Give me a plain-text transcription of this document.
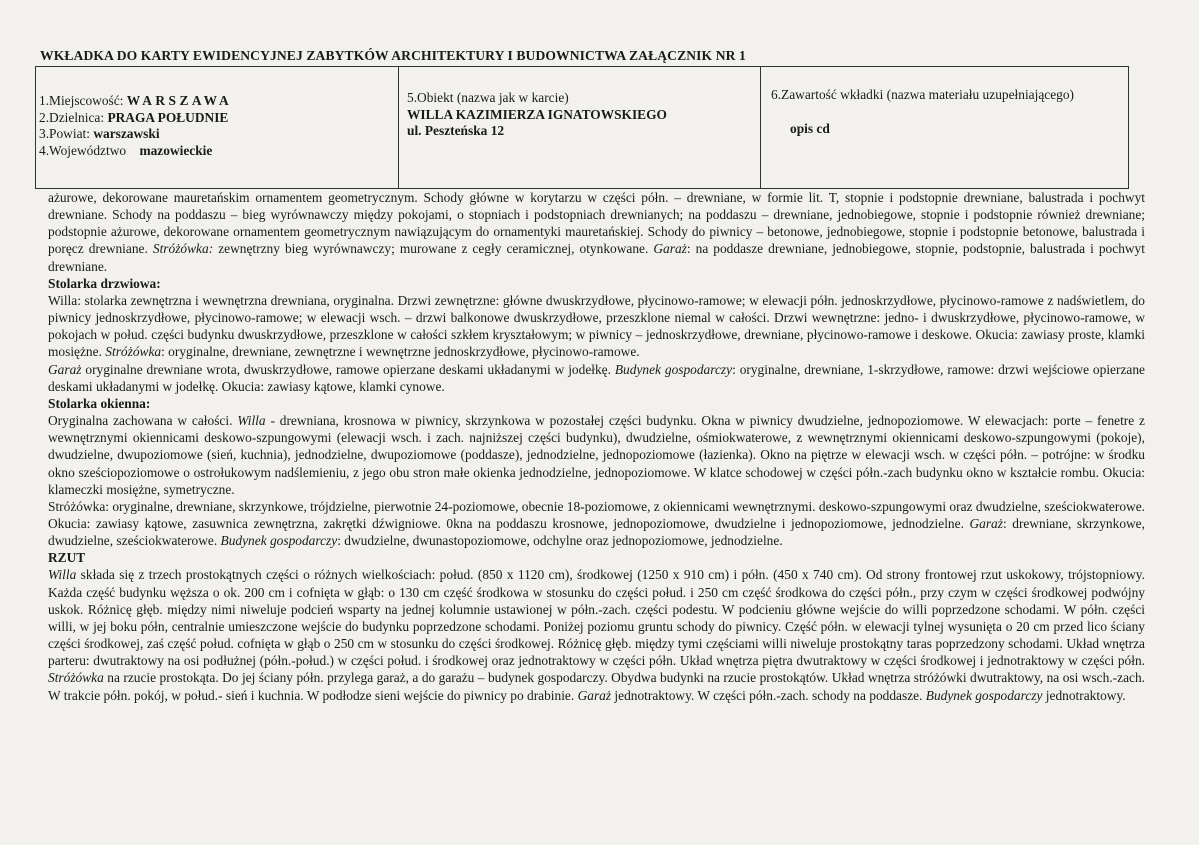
WKŁADKA DO KARTY EWIDENCYJNEJ ZABYTKÓW ARCHITEKTURY I BUDOWNICTWA ZAŁĄCZNIK NR 1
1.Miejscowość: WARSZAWA
2.Dzielnica: PRAGA POŁUDNIE
3.Powiat: warszawski
4.Województwo mazowieckie
5.Obiekt (nazwa jak w karcie)
WILLA KAZIMIERZA IGNATOWSKIEGO
ul. Peszteńska 12
6.Zawartość wkładki (nazwa materiału uzupełniającego)
opis cd

ażurowe, dekorowane mauretańskim ornamentem geometrycznym. Schody główne w korytarzu w części półn. – drewniane, w formie lit. T, stopnie i podstopnie drewniane, balustrada i pochwyt drewniane. Schody na poddaszu – bieg wyrównawczy między pokojami, o stopniach i podstopniach drewnianych; na poddaszu – drewniane, jednobiegowe, stopnie i podstopnie również drewniane; podstopnie ażurowe, dekorowane ornamentem geometrycznym nawiązującym do ornamentyki mauretańskiej. Schody do piwnicy – betonowe, jednobiegowe, stopnie i podstopnie betonowe, balustrada i poręcz drewniane. Stróżówka: zewnętrzny bieg wyrównawczy; murowane z cegły ceramicznej, otynkowane. Garaż: na poddasze drewniane, jednobiegowe, stopnie, podstopnie, balustrada i pochwyt drewniane.

Stolarka drzwiowa:

Willa: stolarka zewnętrzna i wewnętrzna drewniana, oryginalna. Drzwi zewnętrzne: główne dwuskrzydłowe, płycinowo-ramowe; w elewacji półn. jednoskrzydłowe, płycinowo-ramowe z nadświetlem, do piwnicy jednoskrzydłowe, płycinowo-ramowe; w elewacji wsch. – drzwi balkonowe dwuskrzydłowe, przeszklone niemal w całości. Drzwi wewnętrzne: jedno- i dwuskrzydłowe, płycinowo-ramowe, w pokojach w połud. części budynku dwuskrzydłowe, przeszklone w całości szkłem kryształowym; w piwnicy – jednoskrzydłowe, drewniane, płycinowo-ramowe i deskowe. Okucia: zawiasy proste, klamki mosiężne. Stróżówka: oryginalne, drewniane, zewnętrzne i wewnętrzne jednoskrzydłowe, płycinowo-ramowe.

Garaż oryginalne drewniane wrota, dwuskrzydłowe, ramowe opierzane deskami układanymi w jodełkę. Budynek gospodarczy: oryginalne, drewniane, 1-skrzydłowe, ramowe: drzwi wejściowe opierzane deskami układanymi w jodełkę. Okucia: zawiasy kątowe, klamki cynowe.

Stolarka okienna:

Oryginalna zachowana w całości. Willa - drewniana, krosnowa w piwnicy, skrzynkowa w pozostałej części budynku. Okna w piwnicy dwudzielne, jednopoziomowe. W elewacjach: porte – fenetre z wewnętrznymi okiennicami deskowo-szpungowymi (elewacji wsch. i zach. najniższej części budynku), dwudzielne, ośmiokwaterowe, z wewnętrznymi okiennicami deskowo-szpungowymi (pokoje), dwudzielne, dwupoziomowe (sień, kuchnia), jednodzielne, dwupoziomowe (poddasze), jednodzielne, jednopoziomowe (łazienka). Okno na piętrze w elewacji wsch. w części półn. – potrójne: w środku okno sześciopoziomowe o ostrołukowym nadślemieniu, z jego obu stron małe okienka jednodzielne, jednopoziomowe. W klatce schodowej w części półn.-zach budynku okno w kształcie rombu. Okucia: klameczki mosiężne, symetryczne.

Stróżówka: oryginalne, drewniane, skrzynkowe, trójdzielne, pierwotnie 24-poziomowe, obecnie 18-poziomowe, z okiennicami wewnętrznymi. deskowo-szpungowymi oraz dwudzielne, sześciokwaterowe. Okucia: zawiasy kątowe, zasuwnica zewnętrzna, zakrętki dźwigniowe. 0kna na poddaszu krosnowe, jednopoziomowe, dwudzielne i jednopoziomowe, jednodzielne. Garaż: drewniane, skrzynkowe, dwudzielne, sześciokwaterowe. Budynek gospodarczy: dwudzielne, dwunastopoziomowe, odchylne oraz jednopoziomowe, jednodzielne.

RZUT

Willa składa się z trzech prostokątnych części o różnych wielkościach: połud. (850 x 1120 cm), środkowej (1250 x 910 cm) i półn. (450 x 740 cm). Od strony frontowej rzut uskokowy, trójstopniowy. Każda część budynku węższa o ok. 200 cm i cofnięta w głąb: o 130 cm część środkowa w stosunku do części połud. i 250 cm część środkowa do części półn., przy czym w części środkowej podwójny uskok. Różnicę głęb. między nimi niweluje podcień wsparty na jednej kolumnie ustawionej w półn.-zach. części podestu. W podcieniu główne wejście do willi poprzedzone schodami. W półn. części willi, w jej boku półn, centralnie umieszczone wejście do budynku poprzedzone schodami. Poniżej poziomu gruntu schody do piwnicy. Część półn. w elewacji tylnej wysunięta o 20 cm przed lico ściany części środkowej, zaś część połud. cofnięta w głąb o 250 cm w stosunku do części środkowej. Różnicę głęb. między tymi częściami willi niweluje prostokątny taras poprzedzony schodami. Układ wnętrza parteru: dwutraktowy na osi podłużnej (półn.-połud.) w części połud. i środkowej oraz jednotraktowy w części półn. Układ wnętrza piętra dwutraktowy w części środkowej i jednotraktowy w części półn. Stróżówka na rzucie prostokąta. Do jej ściany półn. przylega garaż, a do garażu – budynek gospodarczy. Obydwa budynki na rzucie prostokątów. Układ wnętrza stróżówki dwutraktowy, na osi wsch.-zach. W trakcie półn. pokój, w połud.- sień i kuchnia. W podłodze sieni wejście do piwnicy po drabinie. Garaż jednotraktowy. W części półn.-zach. schody na poddasze. Budynek gospodarczy jednotraktowy.
